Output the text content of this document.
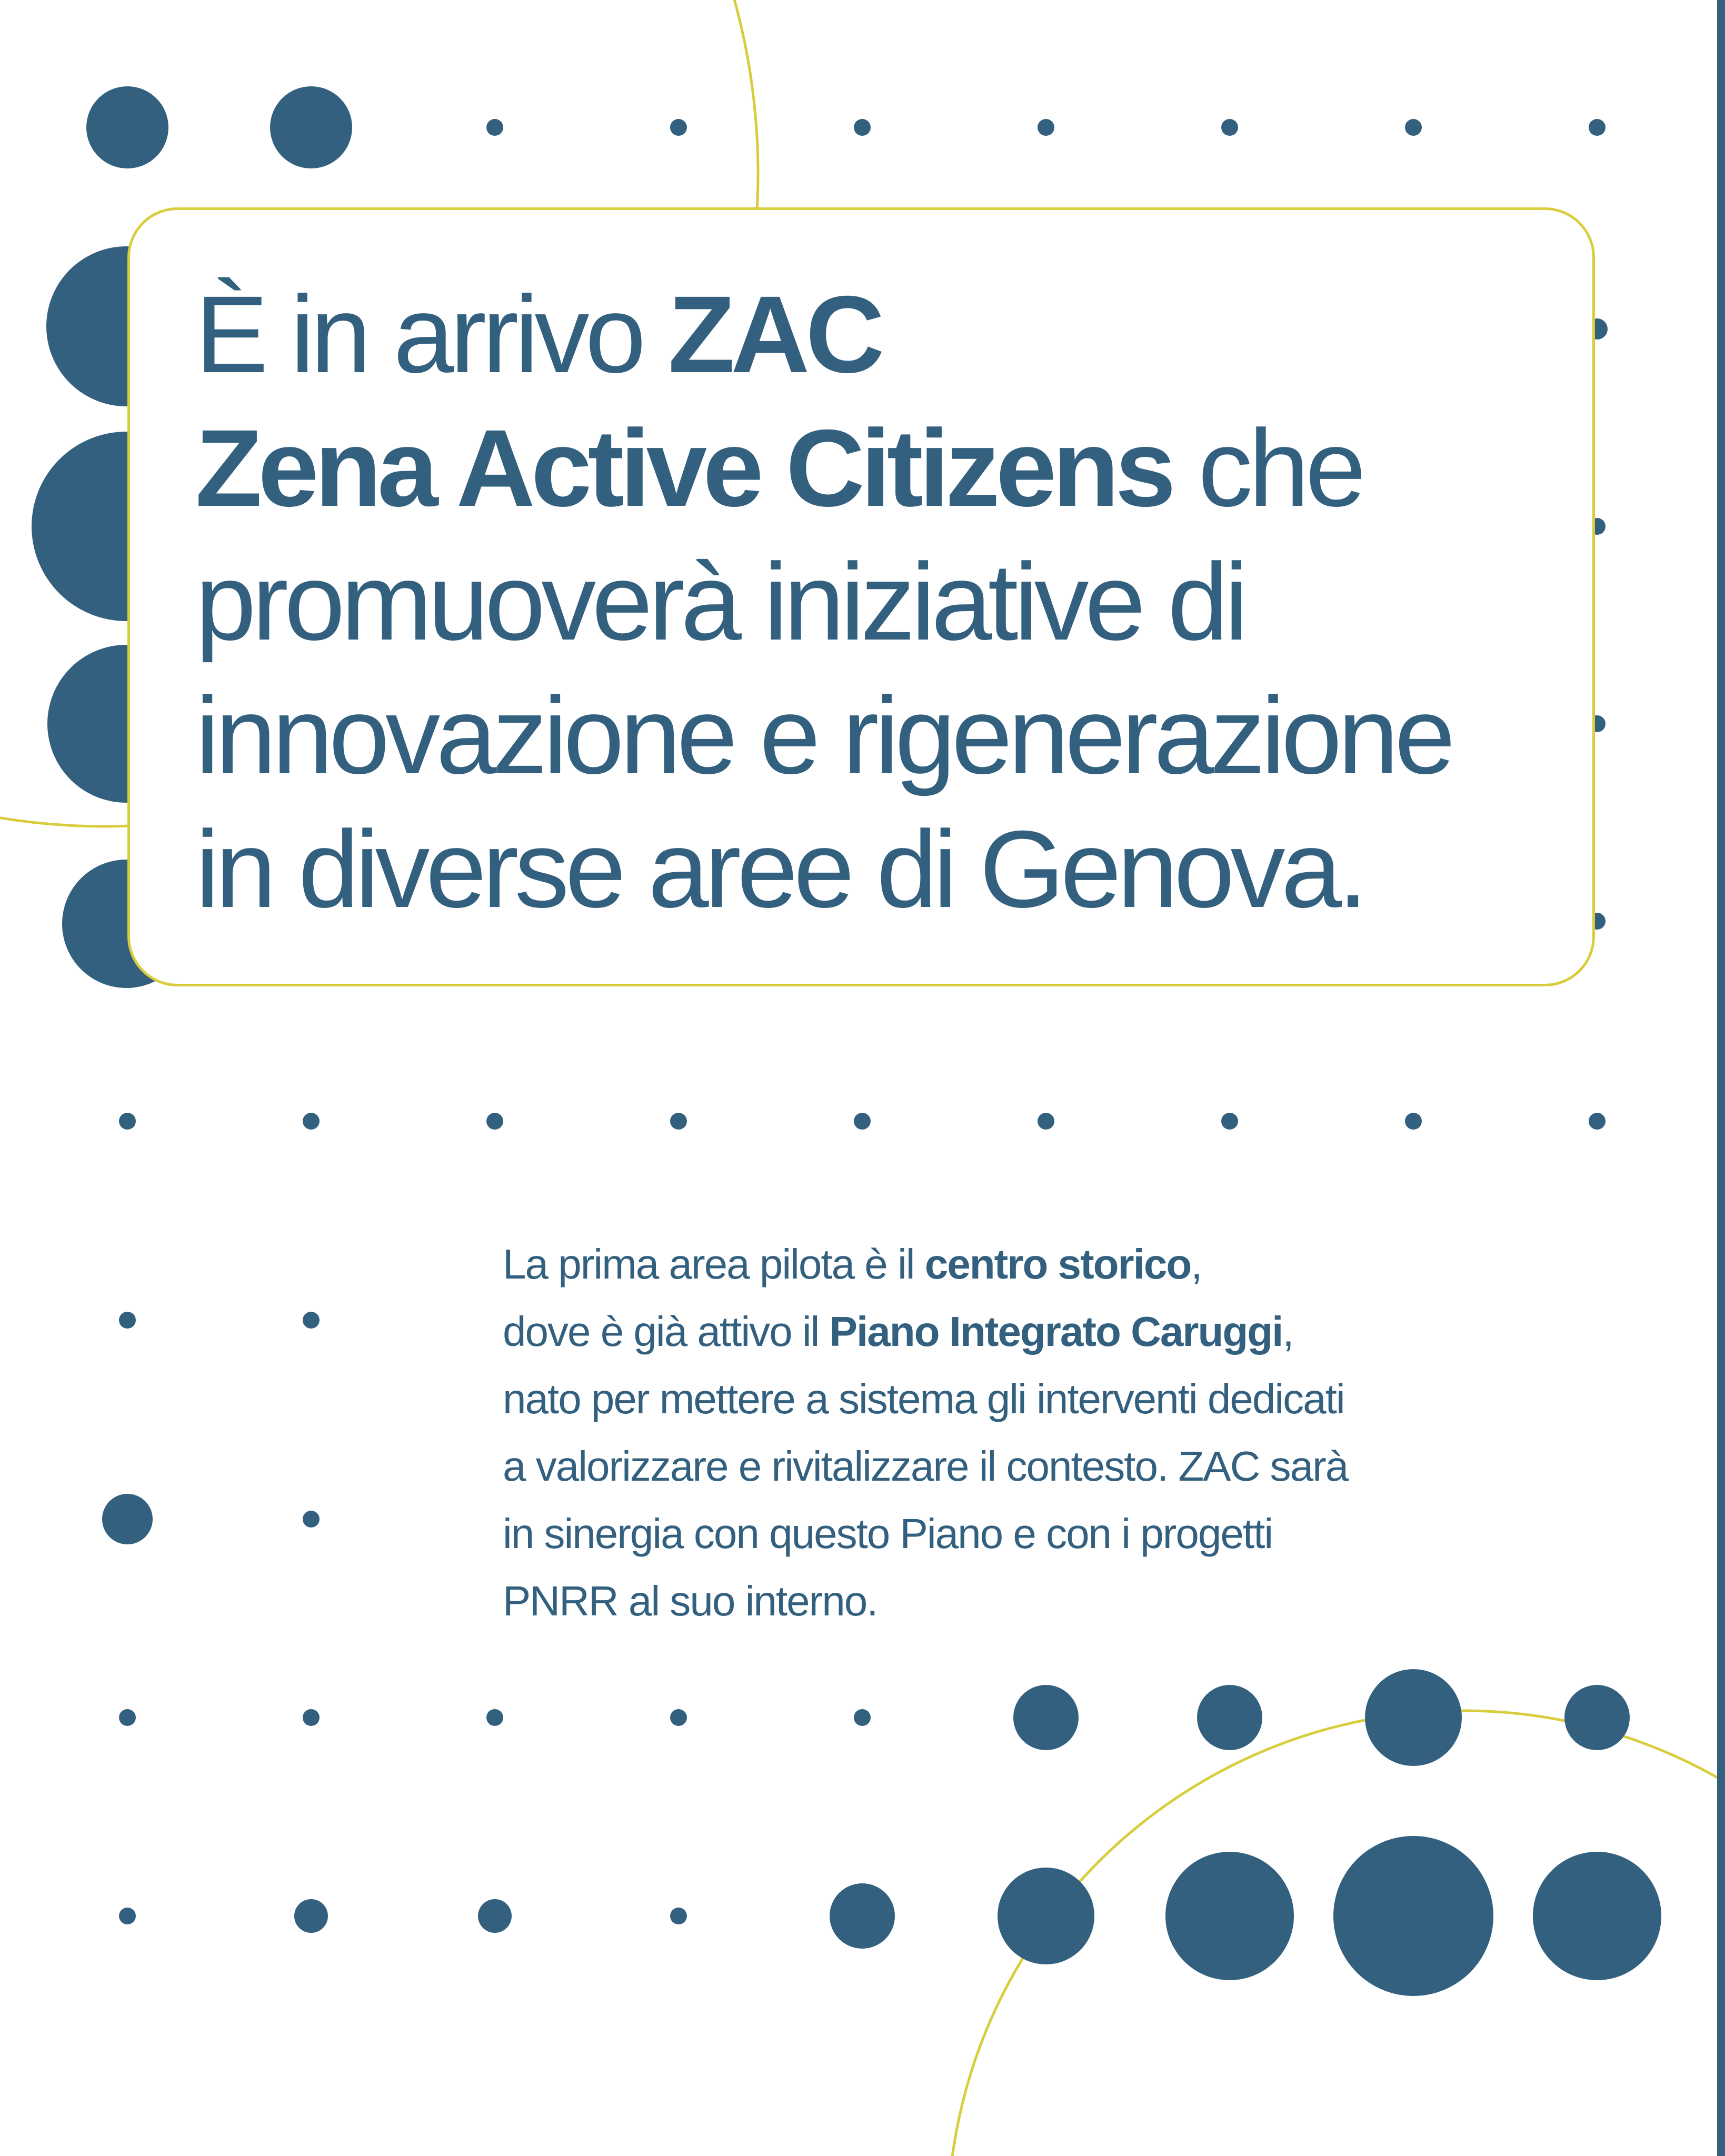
È in arrivo ZAC
Zena Active Citizens che
promuoverà iniziative di
innovazione e rigenerazione
in diverse aree di Genova.

La prima area pilota è il centro storico,
dove è già attivo il Piano Integrato Caruggi,
nato per mettere a sistema gli interventi dedicati
a valorizzare e rivitalizzare il contesto. ZAC sarà
in sinergia con questo Piano e con i progetti
PNRR al suo interno.
